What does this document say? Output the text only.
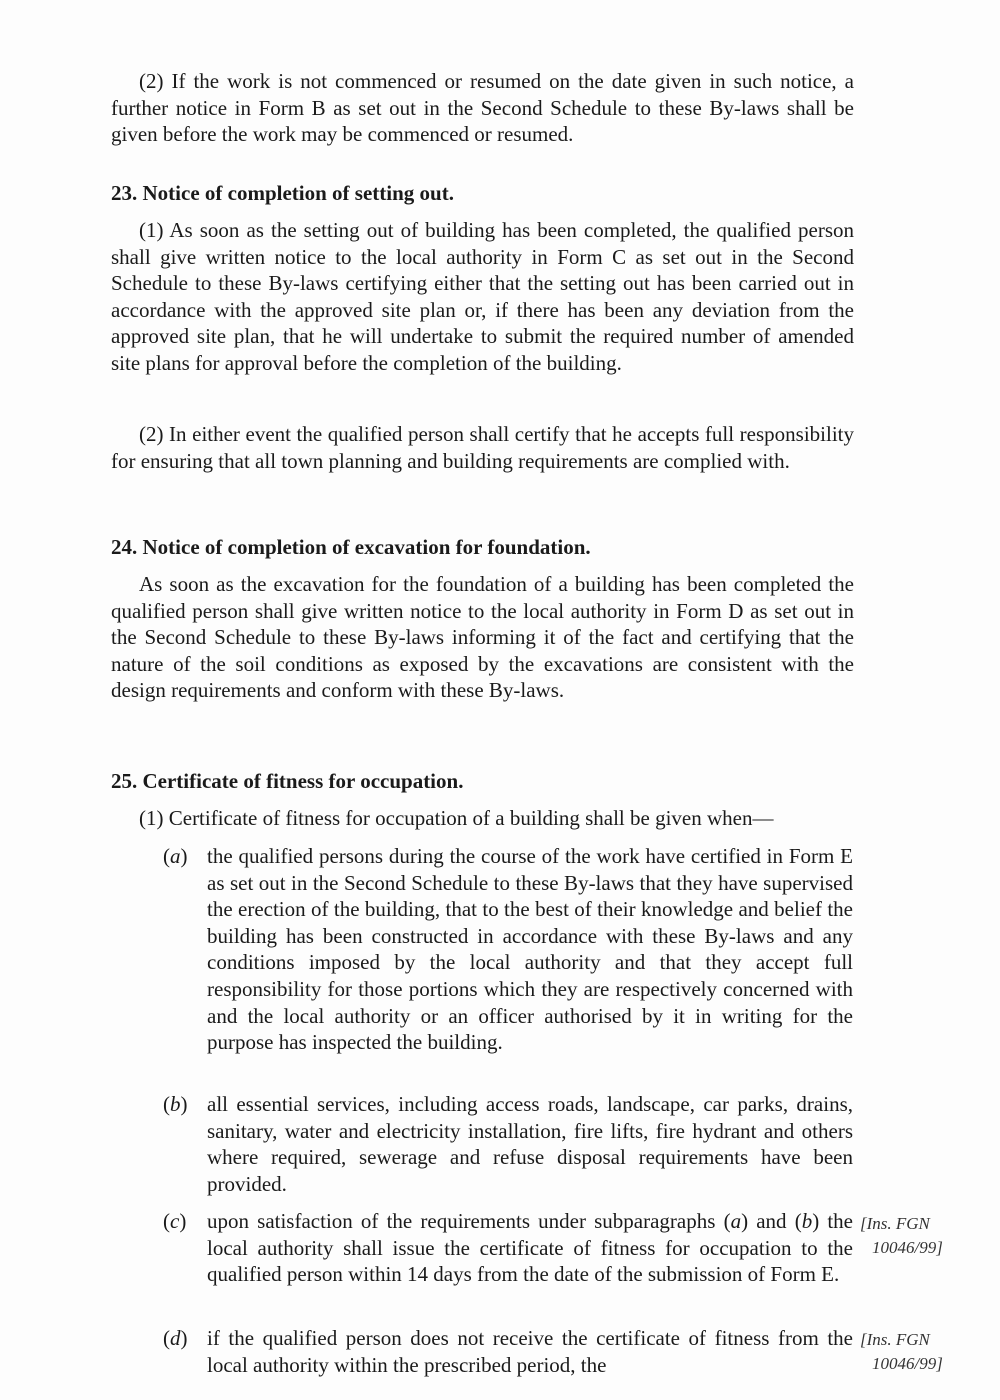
(2) If the work is not commenced or resumed on the date given in such notice, a further notice in Form B as set out in the Second Schedule to these By-laws shall be given before the work may be commenced or resumed.

23. Notice of completion of setting out.

(1) As soon as the setting out of building has been completed, the qualified person shall give written notice to the local authority in Form C as set out in the Second Schedule to these By-laws certifying either that the setting out has been carried out in accordance with the approved site plan or, if there has been any deviation from the approved site plan, that he will undertake to submit the required number of amended site plans for approval before the completion of the building.

(2) In either event the qualified person shall certify that he accepts full responsibility for ensuring that all town planning and building requirements are complied with.

24. Notice of completion of excavation for foundation.

As soon as the excavation for the foundation of a building has been completed the qualified person shall give written notice to the local authority in Form D as set out in the Second Schedule to these By-laws informing it of the fact and certifying that the nature of the soil conditions as exposed by the excavations are consistent with the design requirements and conform with these By-laws.

25. Certificate of fitness for occupation.

(1) Certificate of fitness for occupation of a building shall be given when—

(a) the qualified persons during the course of the work have certified in Form E as set out in the Second Schedule to these By-laws that they have supervised the erection of the building, that to the best of their knowledge and belief the building has been constructed in accordance with these By-laws and any conditions imposed by the local authority and that they accept full responsibility for those portions which they are respectively concerned with and the local authority or an officer authorised by it in writing for the purpose has inspected the building.
(b) all essential services, including access roads, landscape, car parks, drains, sanitary, water and electricity installation, fire lifts, fire hydrant and others where required, sewerage and refuse disposal requirements have been provided.
(c) upon satisfaction of the requirements under subparagraphs (a) and (b) the local authority shall issue the certificate of fitness for occupation to the qualified person within 14 days from the date of the submission of Form E.
(d) if the qualified person does not receive the certificate of fitness from the local authority within the prescribed period, the
[Ins. FGN
10046/99]
[Ins. FGN
10046/99]
